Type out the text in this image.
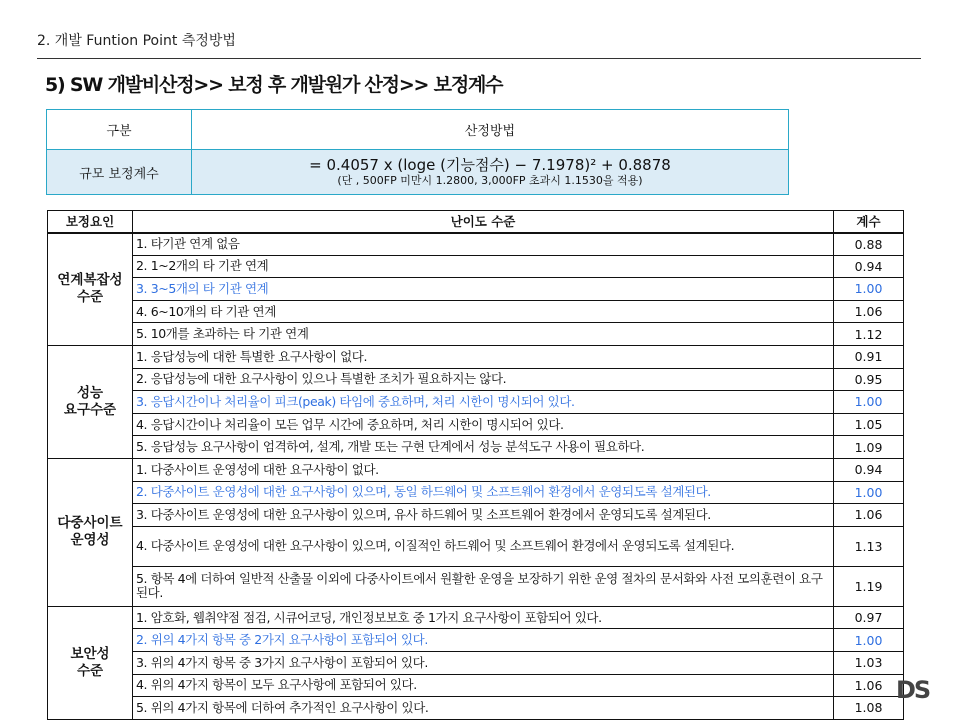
2. 개발 Funtion Point 측정방법
5) SW 개발비산정>> 보정 후 개발원가 산정>> 보정계수
구분	산정방법
규모 보정계수	= 0.4057 x (loge (기능점수) − 7.1978)² + 0.8878
(단 , 500FP 미만시 1.2800, 3,000FP 초과시 1.1530을 적용)
보정요인	난이도 수준	계수

연계복잡성
수준	1. 타기관 연계 없음	0.88
	2. 1~2개의 타 기관 연계	0.94
	3. 3~5개의 타 기관 연계	1.00
	4. 6~10개의 타 기관 연계	1.06
	5. 10개를 초과하는 타 기관 연계	1.12

성능
요구수준	1. 응답성능에 대한 특별한 요구사항이 없다.	0.91
	2. 응답성능에 대한 요구사항이 있으나 특별한 조치가 필요하지는 않다.	0.95
	3. 응답시간이나 처리율이 피크(peak) 타임에 중요하며, 처리 시한이 명시되어 있다.	1.00
	4. 응답시간이나 처리율이 모든 업무 시간에 중요하며, 처리 시한이 명시되어 있다.	1.05
	5. 응답성능 요구사항이 엄격하여, 설계, 개발 또는 구현 단계에서 성능 분석도구 사용이 필요하다.	1.09

다중사이트
운영성	1. 다중사이트 운영성에 대한 요구사항이 없다.	0.94
	2. 다중사이트 운영성에 대한 요구사항이 있으며, 동일 하드웨어 및 소프트웨어 환경에서 운영되도록 설계된다.	1.00
	3. 다중사이트 운영성에 대한 요구사항이 있으며, 유사 하드웨어 및 소프트웨어 환경에서 운영되도록 설계된다.	1.06
	4. 다중사이트 운영성에 대한 요구사항이 있으며, 이질적인 하드웨어 및 소프트웨어 환경에서 운영되도록 설계된다.	1.13
	5. 항목 4에 더하여 일반적 산출물 이외에 다중사이트에서 원활한 운영을 보장하기 위한 운영 절차의 문서화와 사전 모의훈련이 요구된다.	1.19

보안성
수준	1. 암호화, 웹취약점 점검, 시큐어코딩, 개인정보보호 중 1가지 요구사항이 포함되어 있다.	0.97
	2. 위의 4가지 항목 중 2가지 요구사항이 포함되어 있다.	1.00
	3. 위의 4가지 항목 중 3가지 요구사항이 포함되어 있다.	1.03
	4. 위의 4가지 항목이 모두 요구사항에 포함되어 있다.	1.06
	5. 위의 4가지 항목에 더하여 추가적인 요구사항이 있다.	1.08
DS
